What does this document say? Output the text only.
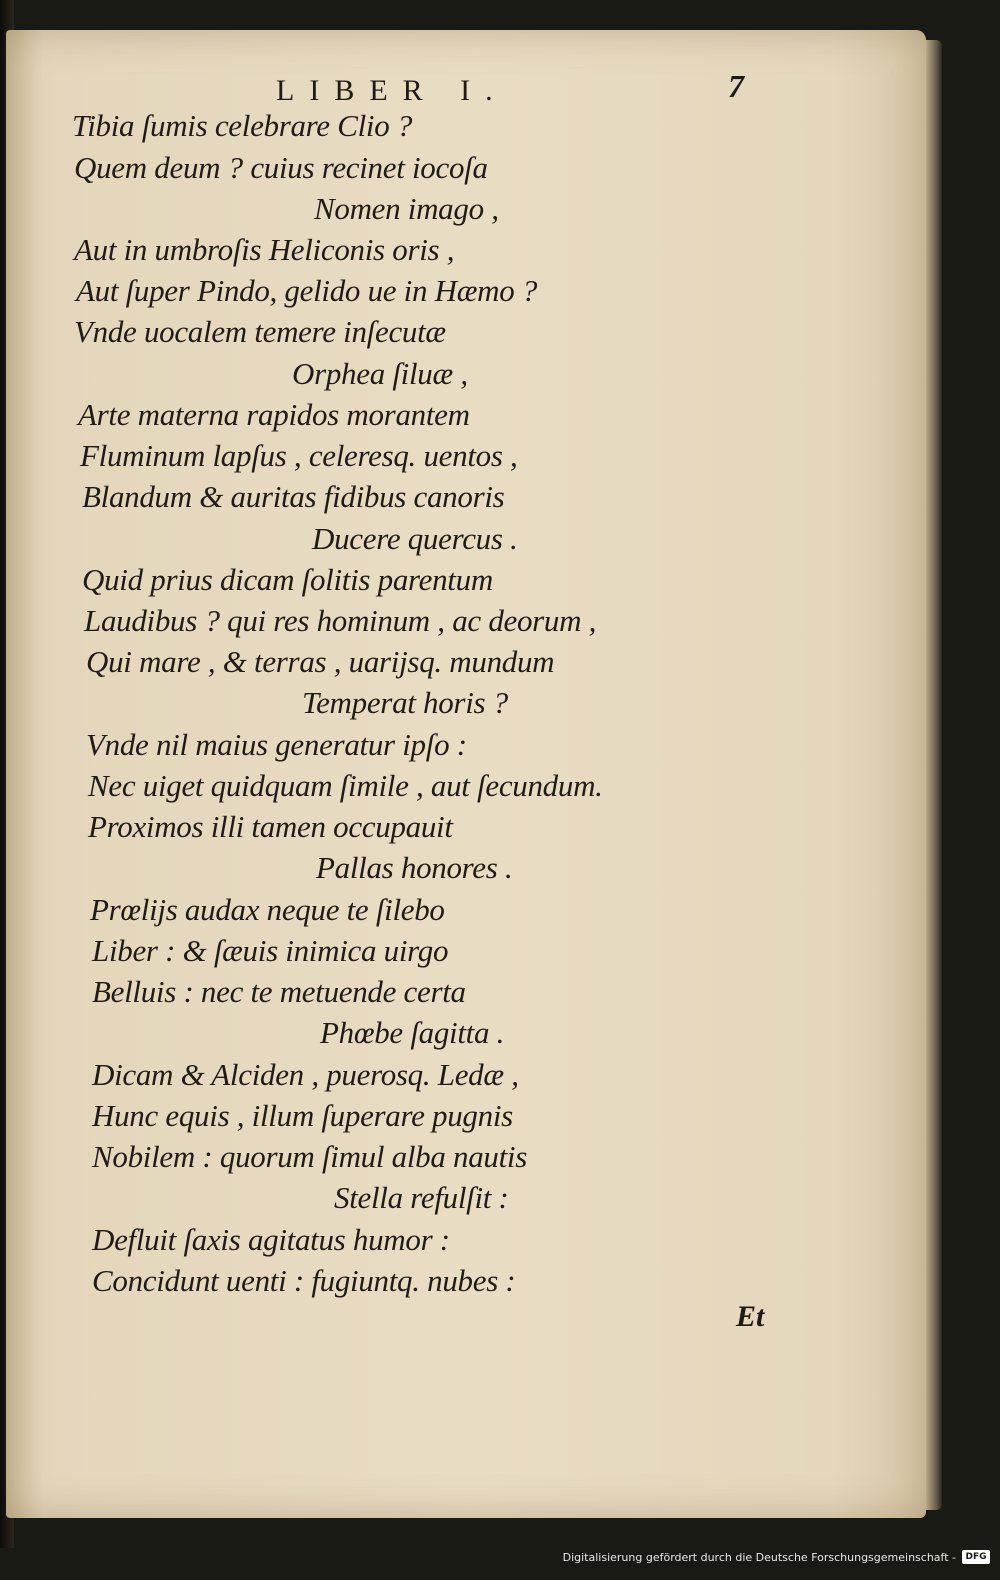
LIBER I.	7
Tibia ſumis celebrare Clio ?
Quem deum ? cuius recinet iocoſa
Nomen imago ,
Aut in umbroſis Heliconis oris ,
Aut ſuper Pindo, gelido ue in Hæmo ?
Vnde uocalem temere inſecutæ
Orphea ſiluæ ,
Arte materna rapidos morantem
Fluminum lapſus , celeresq. uentos ,
Blandum & auritas fidibus canoris
Ducere quercus .
Quid prius dicam ſolitis parentum
Laudibus ? qui res hominum , ac deorum ,
Qui mare , & terras , uarijsq. mundum
Temperat horis ?
Vnde nil maius generatur ipſo :
Nec uiget quidquam ſimile , aut ſecundum.
Proximos illi tamen occupauit
Pallas honores .
Prœlijs audax neque te ſilebo
Liber : & ſæuis inimica uirgo
Belluis : nec te metuende certa
Phœbe ſagitta .
Dicam & Alciden , puerosq. Ledæ ,
Hunc equis , illum ſuperare pugnis
Nobilem : quorum ſimul alba nautis
Stella refulſit :
Defluit ſaxis agitatus humor :
Concidunt uenti : fugiuntq. nubes :
Et
Digitalisierung gefördert durch die Deutsche Forschungsgemeinschaft -	DFG
